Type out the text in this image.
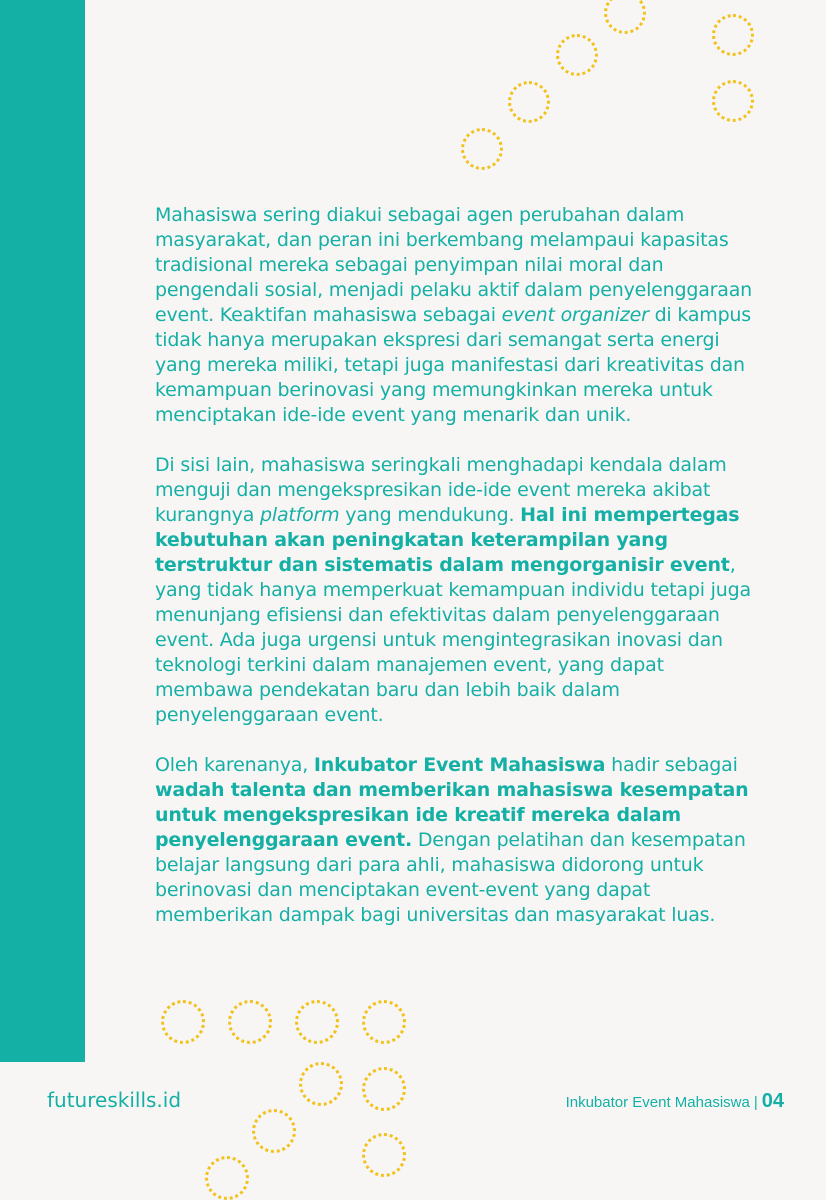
Mahasiswa sering diakui sebagai agen perubahan dalam masyarakat, dan peran ini berkembang melampaui kapasitas tradisional mereka sebagai penyimpan nilai moral dan pengendali sosial, menjadi pelaku aktif dalam penyelenggaraan event. Keaktifan mahasiswa sebagai event organizer di kampus tidak hanya merupakan ekspresi dari semangat serta energi yang mereka miliki, tetapi juga manifestasi dari kreativitas dan kemampuan berinovasi yang memungkinkan mereka untuk menciptakan ide-ide event yang menarik dan unik.

Di sisi lain, mahasiswa seringkali menghadapi kendala dalam menguji dan mengekspresikan ide-ide event mereka akibat kurangnya platform yang mendukung. Hal ini mempertegas kebutuhan akan peningkatan keterampilan yang terstruktur dan sistematis dalam mengorganisir event, yang tidak hanya memperkuat kemampuan individu tetapi juga menunjang efisiensi dan efektivitas dalam penyelenggaraan event. Ada juga urgensi untuk mengintegrasikan inovasi dan teknologi terkini dalam manajemen event, yang dapat membawa pendekatan baru dan lebih baik dalam penyelenggaraan event.

Oleh karenanya, Inkubator Event Mahasiswa hadir sebagai wadah talenta dan memberikan mahasiswa kesempatan untuk mengekspresikan ide kreatif mereka dalam penyelenggaraan event. Dengan pelatihan dan kesempatan belajar langsung dari para ahli, mahasiswa didorong untuk berinovasi dan menciptakan event-event yang dapat memberikan dampak bagi universitas dan masyarakat luas.

futureskills.id	Inkubator Event Mahasiswa | 04
